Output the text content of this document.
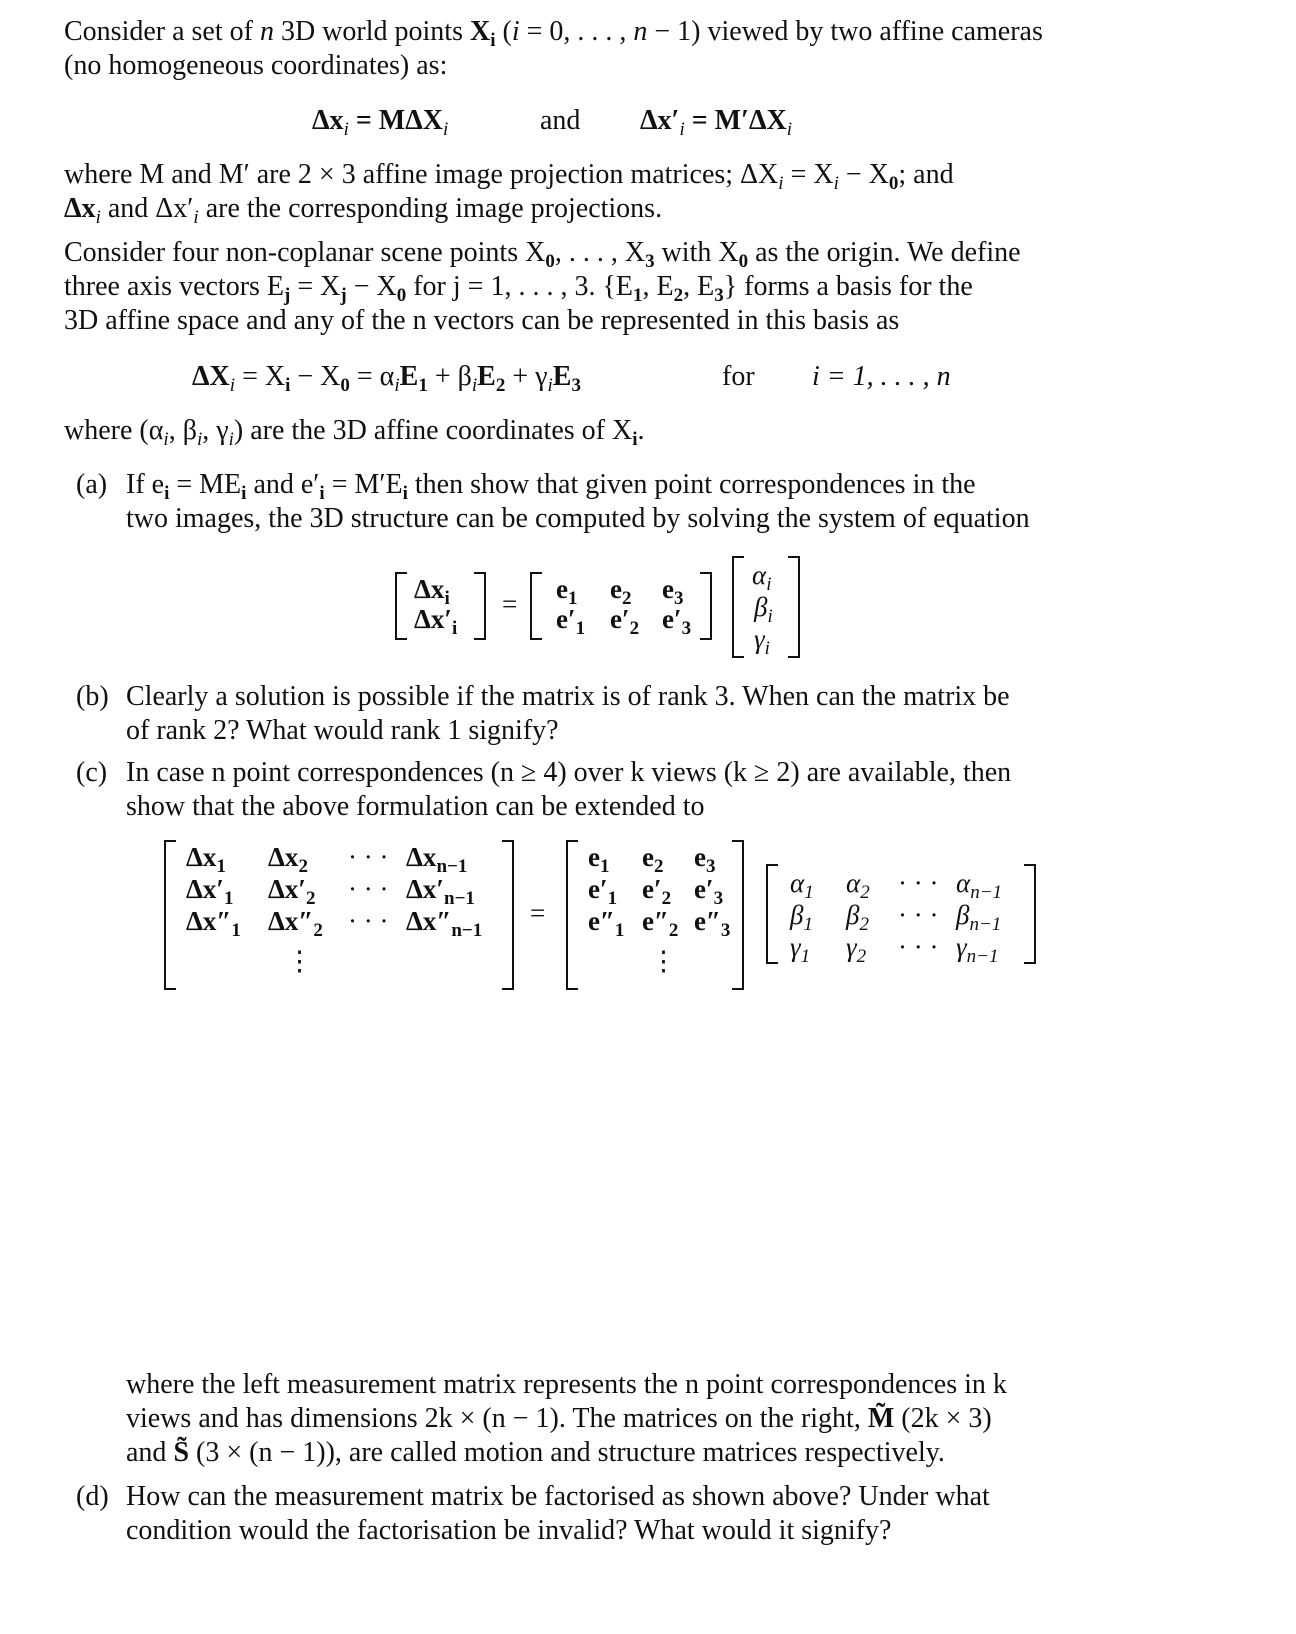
Consider a set of n 3D world points $X_i$ (i = 0, . . . , n − 1) viewed by two affine cameras
(no homogeneous coordinates) as:
$\Delta x_i = M\Delta X_i$	and $\Delta x'_i = M'\Delta X_i$
where M and M′ are 2 × 3 affine image projection matrices; $\Delta X_i = X_i - X_0$; and
$\Delta x_i$ and $\Delta x'_i$ are the corresponding image projections.
Consider four non-coplanar scene points $X_0$, . . . , $X_3$ with $X_0$ as the origin. We define
three axis vectors $E_j = X_j - X_0$ for j = 1, . . . , 3. {$E_1$, $E_2$, $E_3$} forms a basis for the
3D affine space and any of the n vectors can be represented in this basis as
$\Delta X_i = X_i - X_0 = \alpha_iE_1 + \beta_iE_2 + \gamma_iE_3$	for i = 1, . . . , n
where ($\alpha_i$, $\beta_i$, $\gamma_i$) are the 3D affine coordinates of $X_i$.
(a) If $e_i = ME_i$ and $e'_i = M'E_i$ then show that given point correspondences in the
two images, the 3D structure can be computed by solving the system of equation
$\Delta x_i$
$\Delta x'_i$
= $e_1$ $e_2$ $e_3$
$e'_1$ $e'_2$ $e'_3$
$\alpha_i$
$\beta_i$
$\gamma_i$
(b) Clearly a solution is possible if the matrix is of rank 3. When can the matrix be
of rank 2? What would rank 1 signify?
(c) In case n point correspondences (n ≥ 4) over k views (k ≥ 2) are available, then
show that the above formulation can be extended to
$\Delta x_1$ $\Delta x_2$ · · · $\Delta x_{n-1}$
$\Delta x'_1$ $\Delta x'_2$ · · · $\Delta x'_{n-1}$
$\Delta x''_1$ $\Delta x''_2$ · · · $\Delta x''_{n-1}$
⋮
=
$e_1$ $e_2$ $e_3$
$e'_1$ $e'_2$ $e'_3$
$e''_1$ $e''_2$ $e''_3$
⋮
$\alpha_1$ $\alpha_2$ · · · $\alpha_{n-1}$
$\beta_1$ $\beta_2$ · · · $\beta_{n-1}$
$\gamma_1$ $\gamma_2$ · · · $\gamma_{n-1}$
where the left measurement matrix represents the n point correspondences in k
views and has dimensions 2k × (n − 1). The matrices on the right, M̃ (2k × 3)
and S̃ (3 × (n − 1)), are called motion and structure matrices respectively.
(d) How can the measurement matrix be factorised as shown above? Under what
condition would the factorisation be invalid? What would it signify?
